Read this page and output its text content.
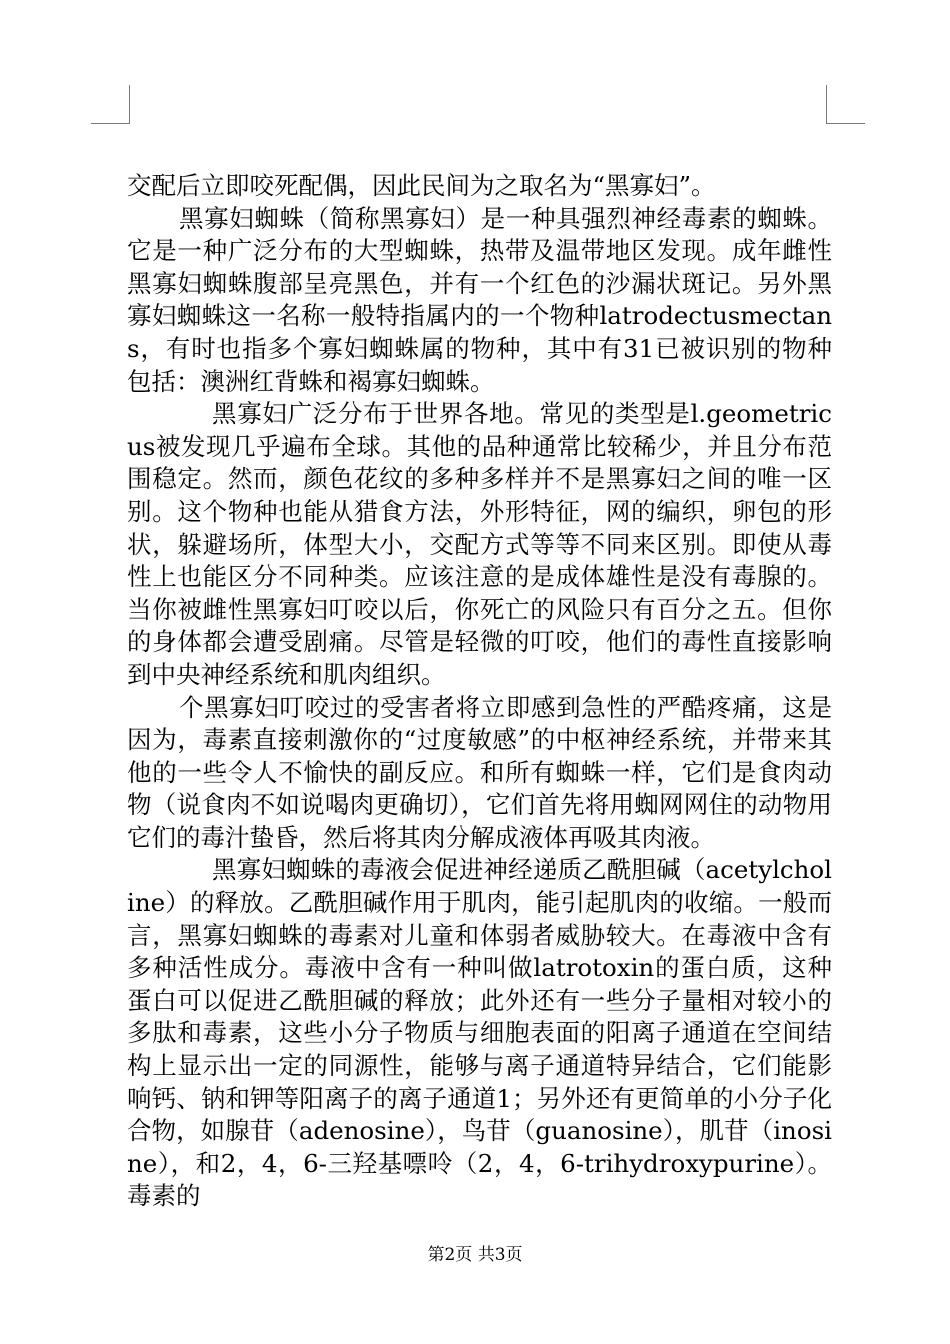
交配后立即咬死配偶，因此民间为之取名为“黑寡妇”。

黑寡妇蜘蛛（简称黑寡妇）是一种具强烈神经毒素的蜘蛛。它是一种广泛分布的大型蜘蛛，热带及温带地区发现。成年雌性黑寡妇蜘蛛腹部呈亮黑色，并有一个红色的沙漏状斑记。另外黑寡妇蜘蛛这一名称一般特指属内的一个物种latrodectusmectans，有时也指多个寡妇蜘蛛属的物种，其中有31已被识别的物种包括：澳洲红背蛛和褐寡妇蜘蛛。

黑寡妇广泛分布于世界各地。常见的类型是l.geometricus被发现几乎遍布全球。其他的品种通常比较稀少，并且分布范围稳定。然而，颜色花纹的多种多样并不是黑寡妇之间的唯一区别。这个物种也能从猎食方法，外形特征，网的编织，卵包的形状，躲避场所，体型大小，交配方式等等不同来区别。即使从毒性上也能区分不同种类。应该注意的是成体雄性是没有毒腺的。当你被雌性黑寡妇叮咬以后，你死亡的风险只有百分之五。但你的身体都会遭受剧痛。尽管是轻微的叮咬，他们的毒性直接影响到中央神经系统和肌肉组织。

个黑寡妇叮咬过的受害者将立即感到急性的严酷疼痛，这是因为，毒素直接刺激你的“过度敏感”的中枢神经系统，并带来其他的一些令人不愉快的副反应。和所有蜘蛛一样，它们是食肉动物（说食肉不如说喝肉更确切），它们首先将用蜘网网住的动物用它们的毒汁蛰昏，然后将其肉分解成液体再吸其肉液。

黑寡妇蜘蛛的毒液会促进神经递质乙酰胆碱（acetylcholine）的释放。乙酰胆碱作用于肌肉，能引起肌肉的收缩。一般而言，黑寡妇蜘蛛的毒素对儿童和体弱者威胁较大。在毒液中含有多种活性成分。毒液中含有一种叫做latrotoxin的蛋白质，这种蛋白可以促进乙酰胆碱的释放；此外还有一些分子量相对较小的多肽和毒素，这些小分子物质与细胞表面的阳离子通道在空间结构上显示出一定的同源性，能够与离子通道特异结合，它们能影响钙、钠和钾等阳离子的离子通道1；另外还有更简单的小分子化合物，如腺苷（adenosine），鸟苷（guanosine），肌苷（inosine），和2，4，6-三羟基嘌呤（2，4，6-trihydroxypurine）。毒素的

第2页 共3页
